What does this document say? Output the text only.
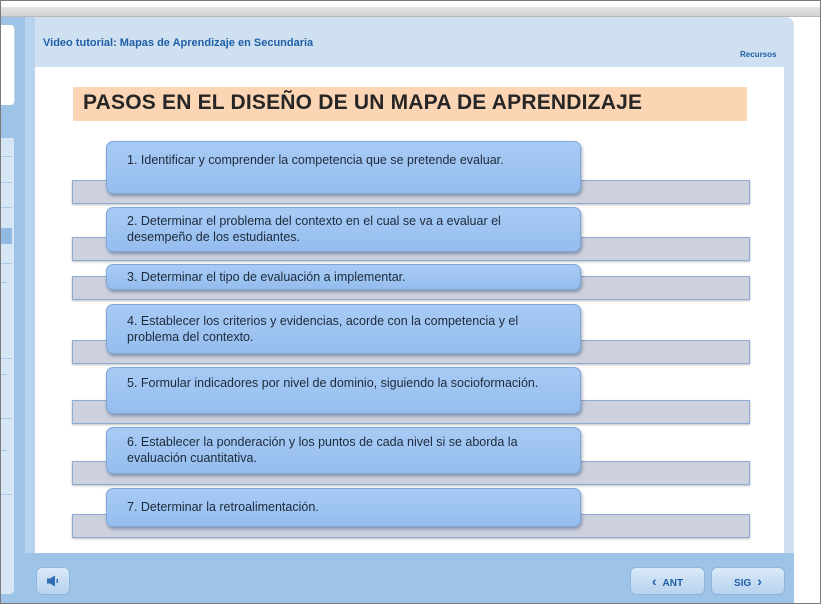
...
...
...
Video tutorial: Mapas de Aprendizaje en Secundaria
Recursos
PASOS EN EL DISEÑO DE UN MAPA DE APRENDIZAJE
1. Identificar y comprender la competencia que se pretende evaluar.
2. Determinar el problema del contexto en el cual se va a evaluar el desempeño de los estudiantes.
3. Determinar el tipo de evaluación a implementar.
4. Establecer los criterios y evidencias, acorde con la competencia y el problema del contexto.
5. Formular indicadores por nivel de dominio, siguiendo la socioformación.
6. Establecer la ponderación y los puntos de cada nivel si se aborda la evaluación cuantitativa.
7. Determinar la retroalimentación.
‹ ANT	SIG ›
